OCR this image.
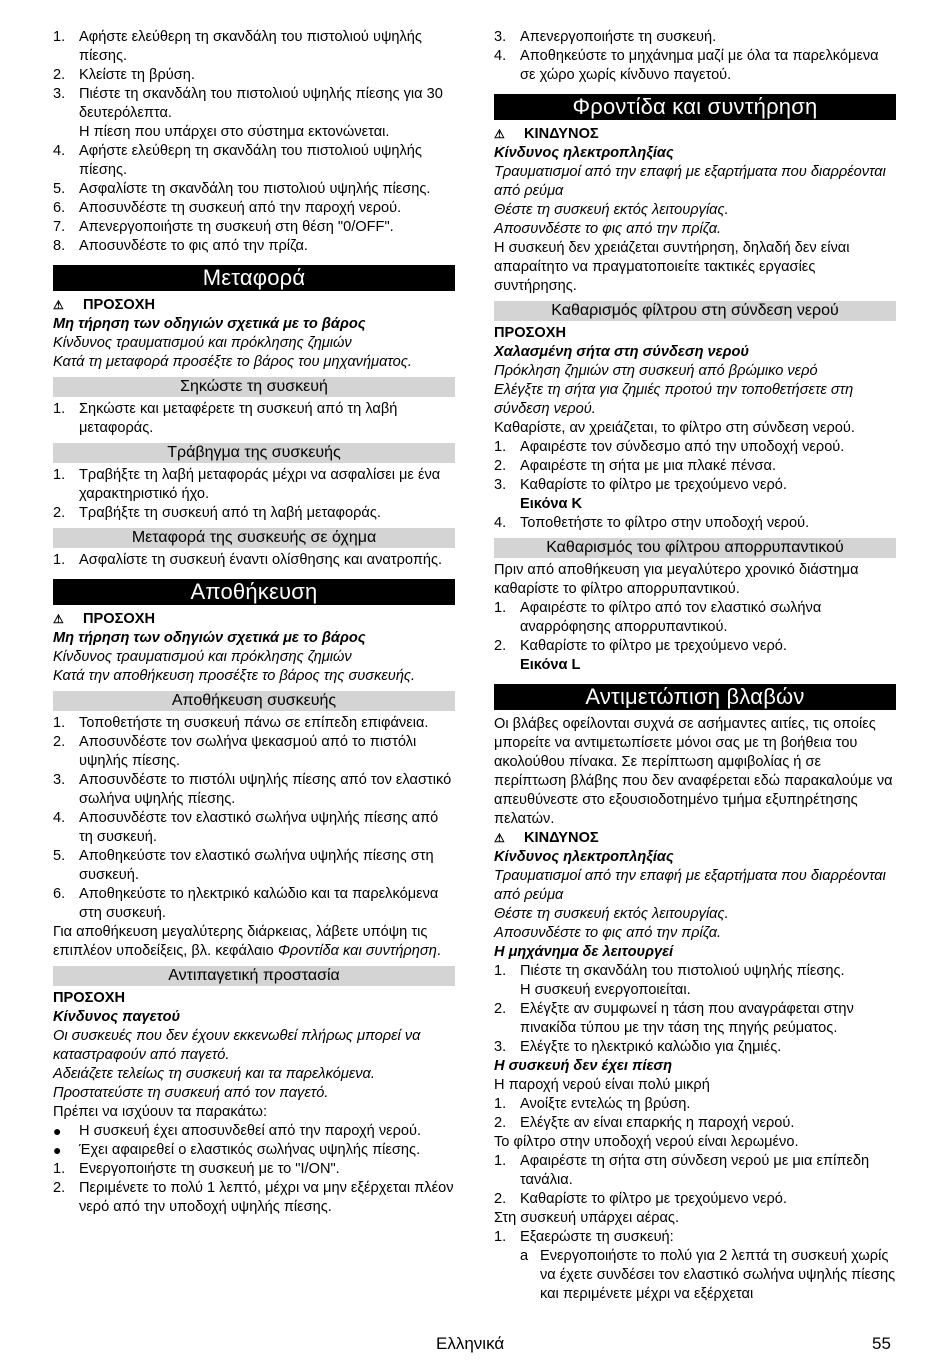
1. Αφήστε ελεύθερη τη σκανδάλη του πιστολιού υψηλής πίεσης.
2. Κλείστε τη βρύση.
3. Πιέστε τη σκανδάλη του πιστολιού υψηλής πίεσης για 30 δευτερόλεπτα.
Η πίεση που υπάρχει στο σύστημα εκτονώνεται.
4. Αφήστε ελεύθερη τη σκανδάλη του πιστολιού υψηλής πίεσης.
5. Ασφαλίστε τη σκανδάλη του πιστολιού υψηλής πίεσης.
6. Αποσυνδέστε τη συσκευή από την παροχή νερού.
7. Απενεργοποιήστε τη συσκευή στη θέση "0/OFF".
8. Αποσυνδέστε το φις από την πρίζα.
Μεταφορά
⚠	ΠΡΟΣΟΧΗ

Μη τήρηση των οδηγιών σχετικά με το βάρος

Κίνδυνος τραυματισμού και πρόκλησης ζημιών

Κατά τη μεταφορά προσέξτε το βάρος του μηχανήματος.

Σηκώστε τη συσκευή
1. Σηκώστε και μεταφέρετε τη συσκευή από τη λαβή μεταφοράς.
Τράβηγμα της συσκευής
1. Τραβήξτε τη λαβή μεταφοράς μέχρι να ασφαλίσει με ένα χαρακτηριστικό ήχο.
2. Τραβήξτε τη συσκευή από τη λαβή μεταφοράς.
Μεταφορά της συσκευής σε όχημα
1. Ασφαλίστε τη συσκευή έναντι ολίσθησης και ανατροπής.
Αποθήκευση
⚠	ΠΡΟΣΟΧΗ

Μη τήρηση των οδηγιών σχετικά με το βάρος

Κίνδυνος τραυματισμού και πρόκλησης ζημιών

Κατά την αποθήκευση προσέξτε το βάρος της συσκευής.

Αποθήκευση συσκευής
1. Τοποθετήστε τη συσκευή πάνω σε επίπεδη επιφάνεια.
2. Αποσυνδέστε τον σωλήνα ψεκασμού από το πιστόλι υψηλής πίεσης.
3. Αποσυνδέστε το πιστόλι υψηλής πίεσης από τον ελαστικό σωλήνα υψηλής πίεσης.
4. Αποσυνδέστε τον ελαστικό σωλήνα υψηλής πίεσης από τη συσκευή.
5. Αποθηκεύστε τον ελαστικό σωλήνα υψηλής πίεσης στη συσκευή.
6. Αποθηκεύστε το ηλεκτρικό καλώδιο και τα παρελκόμενα στη συσκευή.

Για αποθήκευση μεγαλύτερης διάρκειας, λάβετε υπόψη τις επιπλέον υποδείξεις, βλ. κεφάλαιο Φροντίδα και συντήρηση.

Αντιπαγετική προστασία

ΠΡΟΣΟΧΗ

Κίνδυνος παγετού

Οι συσκευές που δεν έχουν εκκενωθεί πλήρως μπορεί να καταστραφούν από παγετό.

Αδειάζετε τελείως τη συσκευή και τα παρελκόμενα.

Προστατεύστε τη συσκευή από τον παγετό.

Πρέπει να ισχύουν τα παρακάτω:

●	Η συσκευή έχει αποσυνδεθεί από την παροχή νερού.
●	Έχει αφαιρεθεί ο ελαστικός σωλήνας υψηλής πίεσης.
1. Ενεργοποιήστε τη συσκευή με το "I/ON".
2. Περιμένετε το πολύ 1 λεπτό, μέχρι να μην εξέρχεται πλέον νερό από την υποδοχή υψηλής πίεσης.
3. Απενεργοποιήστε τη συσκευή.
4. Αποθηκεύστε το μηχάνημα μαζί με όλα τα παρελκόμενα σε χώρο χωρίς κίνδυνο παγετού.
Φροντίδα και συντήρηση
⚠	ΚΙΝΔΥΝΟΣ

Κίνδυνος ηλεκτροπληξίας

Τραυματισμοί από την επαφή με εξαρτήματα που διαρρέονται από ρεύμα

Θέστε τη συσκευή εκτός λειτουργίας.

Αποσυνδέστε το φις από την πρίζα.

Η συσκευή δεν χρειάζεται συντήρηση, δηλαδή δεν είναι απαραίτητο να πραγματοποιείτε τακτικές εργασίες συντήρησης.

Καθαρισμός φίλτρου στη σύνδεση νερού

ΠΡΟΣΟΧΗ

Χαλασμένη σήτα στη σύνδεση νερού

Πρόκληση ζημιών στη συσκευή από βρώμικο νερό

Ελέγξτε τη σήτα για ζημιές προτού την τοποθετήσετε στη σύνδεση νερού.

Καθαρίστε, αν χρειάζεται, το φίλτρο στη σύνδεση νερού.

1. Αφαιρέστε τον σύνδεσμο από την υποδοχή νερού.
2. Αφαιρέστε τη σήτα με μια πλακέ πένσα.
3. Καθαρίστε το φίλτρο με τρεχούμενο νερό.
Εικόνα K
4. Τοποθετήστε το φίλτρο στην υποδοχή νερού.
Καθαρισμός του φίλτρου απορρυπαντικού

Πριν από αποθήκευση για μεγαλύτερο χρονικό διάστημα καθαρίστε το φίλτρο απορρυπαντικού.

1. Αφαιρέστε το φίλτρο από τον ελαστικό σωλήνα αναρρόφησης απορρυπαντικού.
2. Καθαρίστε το φίλτρο με τρεχούμενο νερό.
Εικόνα L
Αντιμετώπιση βλαβών

Οι βλάβες οφείλονται συχνά σε ασήμαντες αιτίες, τις οποίες μπορείτε να αντιμετωπίσετε μόνοι σας με τη βοήθεια του ακολούθου πίνακα. Σε περίπτωση αμφιβολίας ή σε περίπτωση βλάβης που δεν αναφέρεται εδώ παρακαλούμε να απευθύνεστε στο εξουσιοδοτημένο τμήμα εξυπηρέτησης πελατών.

⚠	ΚΙΝΔΥΝΟΣ

Κίνδυνος ηλεκτροπληξίας

Τραυματισμοί από την επαφή με εξαρτήματα που διαρρέονται από ρεύμα

Θέστε τη συσκευή εκτός λειτουργίας.

Αποσυνδέστε το φις από την πρίζα.

Η μηχάνημα δε λειτουργεί

1. Πιέστε τη σκανδάλη του πιστολιού υψηλής πίεσης.
Η συσκευή ενεργοποιείται.
2. Ελέγξτε αν συμφωνεί η τάση που αναγράφεται στην πινακίδα τύπου με την τάση της πηγής ρεύματος.
3. Ελέγξτε το ηλεκτρικό καλώδιο για ζημιές.

Η συσκευή δεν έχει πίεση

Η παροχή νερού είναι πολύ μικρή

1. Ανοίξτε εντελώς τη βρύση.
2. Ελέγξτε αν είναι επαρκής η παροχή νερού.

Το φίλτρο στην υποδοχή νερού είναι λερωμένο.

1. Αφαιρέστε τη σήτα στη σύνδεση νερού με μια επίπεδη τανάλια.
2. Καθαρίστε το φίλτρο με τρεχούμενο νερό.

Στη συσκευή υπάρχει αέρας.

1. Εξαερώστε τη συσκευή:
a Ενεργοποιήστε το πολύ για 2 λεπτά τη συσκευή χωρίς να έχετε συνδέσει τον ελαστικό σωλήνα υψηλής πίεσης και περιμένετε μέχρι να εξέρχεται
Ελληνικά	55
